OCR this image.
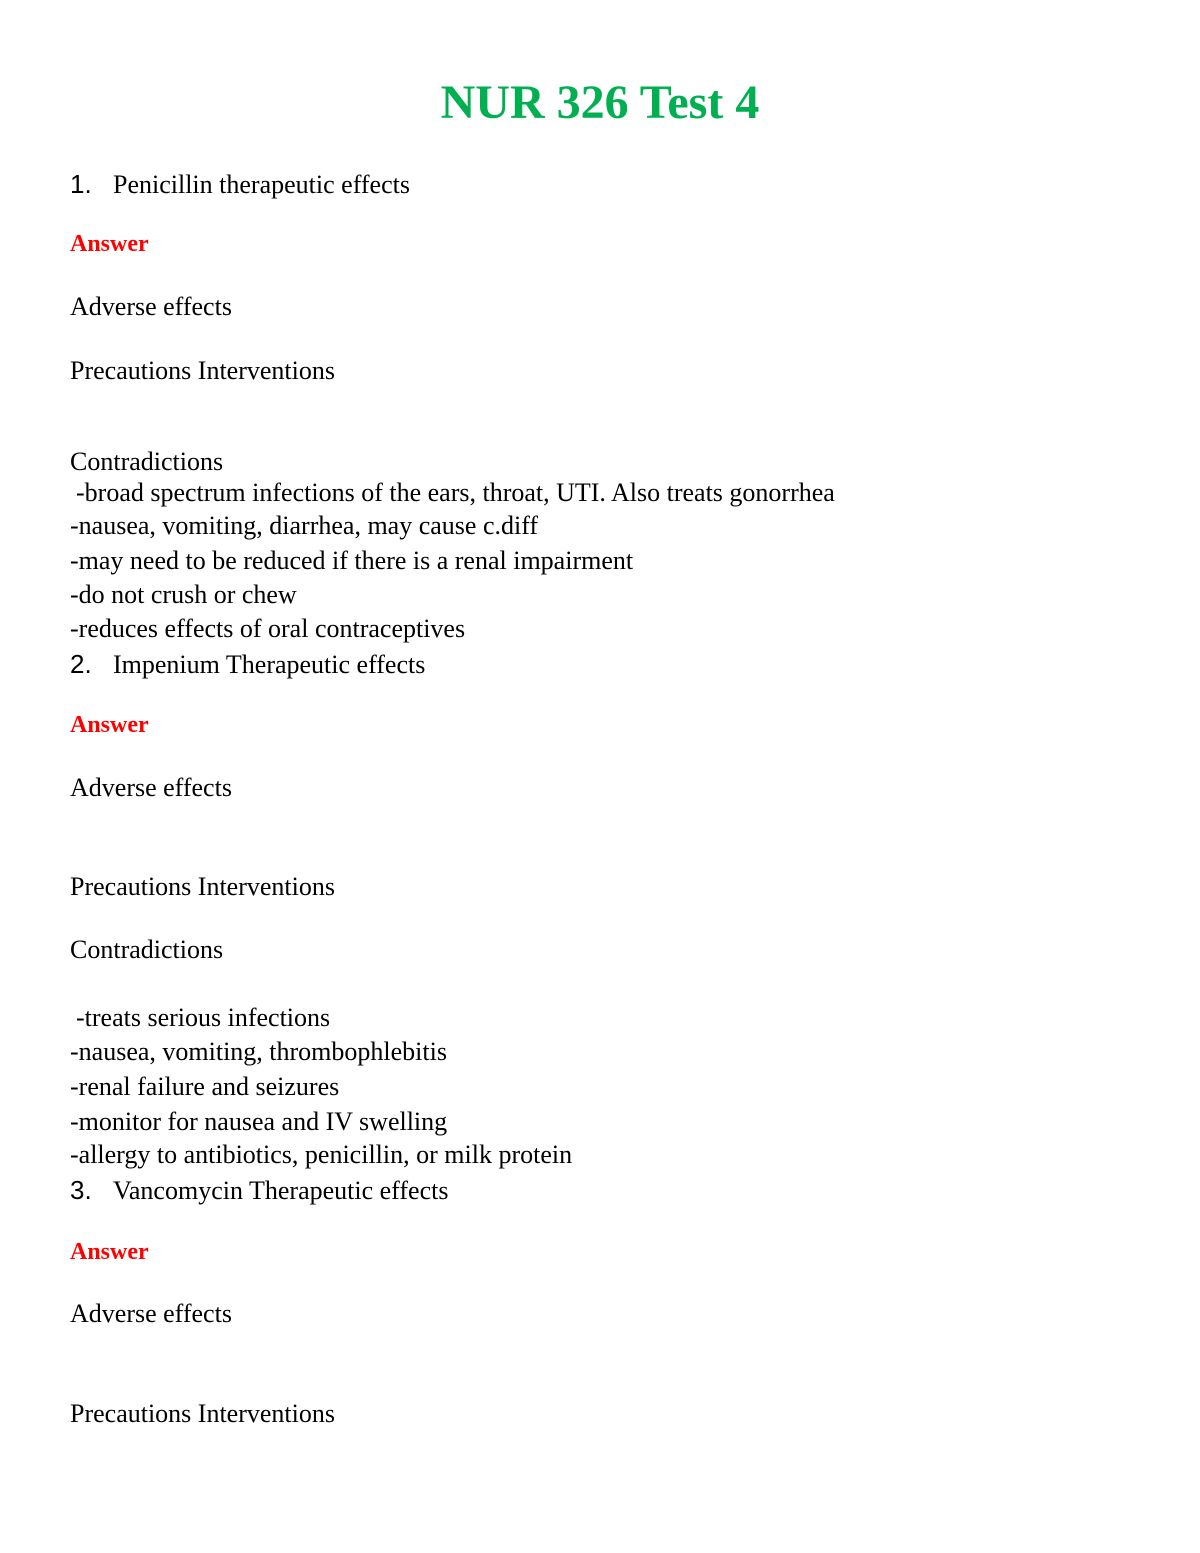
NUR 326 Test 4
1. Penicillin therapeutic effects
Answer
Adverse effects
Precautions Interventions
Contradictions
-broad spectrum infections of the ears, throat, UTI. Also treats gonorrhea
-nausea, vomiting, diarrhea, may cause c.diff
-may need to be reduced if there is a renal impairment
-do not crush or chew
-reduces effects of oral contraceptives
2. Impenium Therapeutic effects
Answer
Adverse effects
Precautions Interventions
Contradictions
-treats serious infections
-nausea, vomiting, thrombophlebitis
-renal failure and seizures
-monitor for nausea and IV swelling
-allergy to antibiotics, penicillin, or milk protein
3. Vancomycin Therapeutic effects
Answer
Adverse effects
Precautions Interventions
